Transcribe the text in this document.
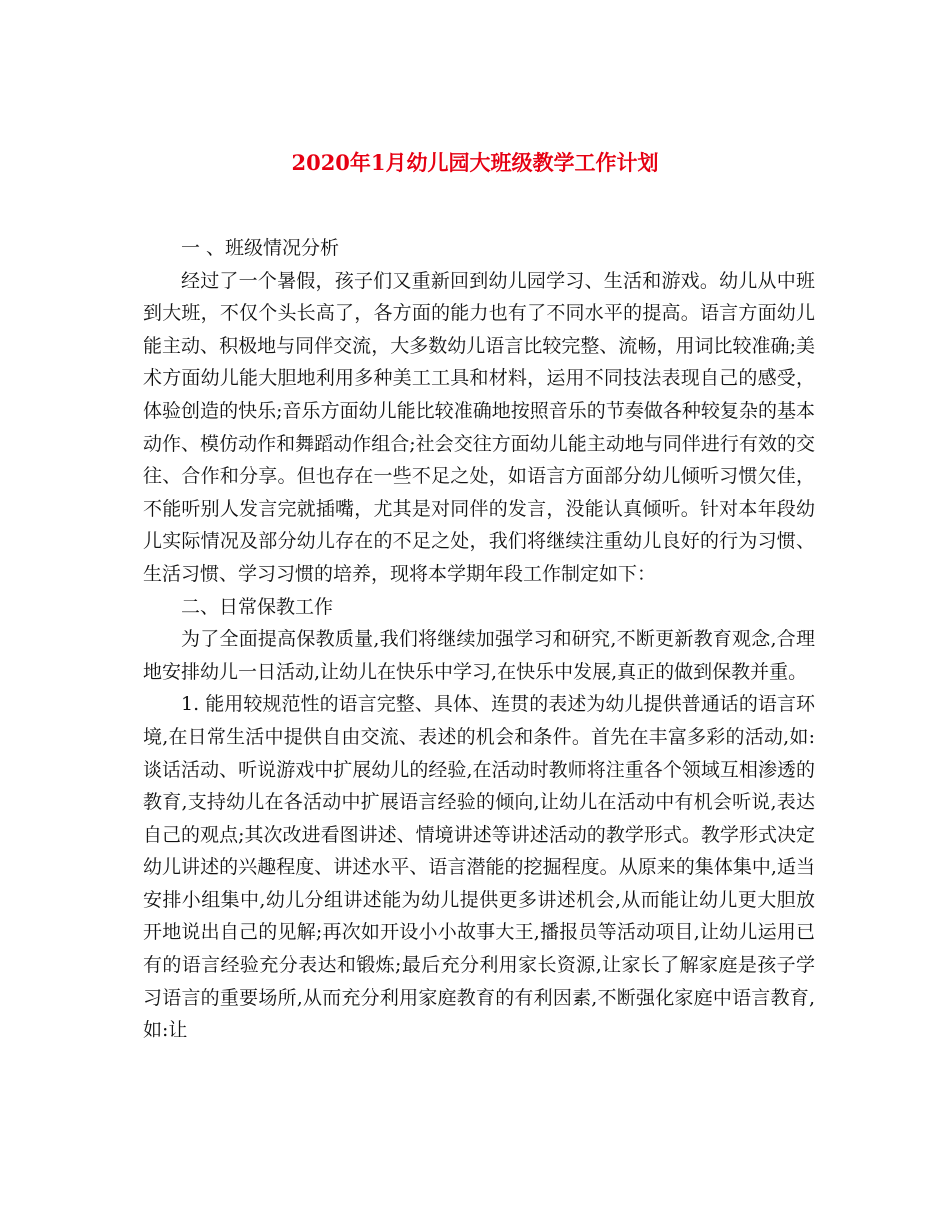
2020年1月幼儿园大班级教学工作计划

一 、班级情况分析

经过了一个暑假，孩子们又重新回到幼儿园学习、生活和游戏。幼儿从中班到大班，不仅个头长高了，各方面的能力也有了不同水平的提高。语言方面幼儿能主动、积极地与同伴交流，大多数幼儿语言比较完整、流畅，用词比较准确;美术方面幼儿能大胆地利用多种美工工具和材料，运用不同技法表现自己的感受，体验创造的快乐;音乐方面幼儿能比较准确地按照音乐的节奏做各种较复杂的基本动作、模仿动作和舞蹈动作组合;社会交往方面幼儿能主动地与同伴进行有效的交往、合作和分享。但也存在一些不足之处，如语言方面部分幼儿倾听习惯欠佳，不能听别人发言完就插嘴，尤其是对同伴的发言，没能认真倾听。针对本年段幼儿实际情况及部分幼儿存在的不足之处，我们将继续注重幼儿良好的行为习惯、生活习惯、学习习惯的培养，现将本学期年段工作制定如下：

二、日常保教工作

为了全面提高保教质量,我们将继续加强学习和研究,不断更新教育观念,合理地安排幼儿一日活动,让幼儿在快乐中学习,在快乐中发展,真正的做到保教并重。

1. 能用较规范性的语言完整、具体、连贯的表述为幼儿提供普通话的语言环境,在日常生活中提供自由交流、表述的机会和条件。首先在丰富多彩的活动,如:谈话活动、听说游戏中扩展幼儿的经验,在活动时教师将注重各个领域互相渗透的教育,支持幼儿在各活动中扩展语言经验的倾向,让幼儿在活动中有机会听说,表达自己的观点;其次改进看图讲述、情境讲述等讲述活动的教学形式。教学形式决定幼儿讲述的兴趣程度、讲述水平、语言潜能的挖掘程度。从原来的集体集中,适当安排小组集中,幼儿分组讲述能为幼儿提供更多讲述机会,从而能让幼儿更大胆放开地说出自己的见解;再次如开设小小故事大王,播报员等活动项目,让幼儿运用已有的语言经验充分表达和锻炼;最后充分利用家长资源,让家长了解家庭是孩子学习语言的重要场所,从而充分利用家庭教育的有利因素,不断强化家庭中语言教育,如:让
